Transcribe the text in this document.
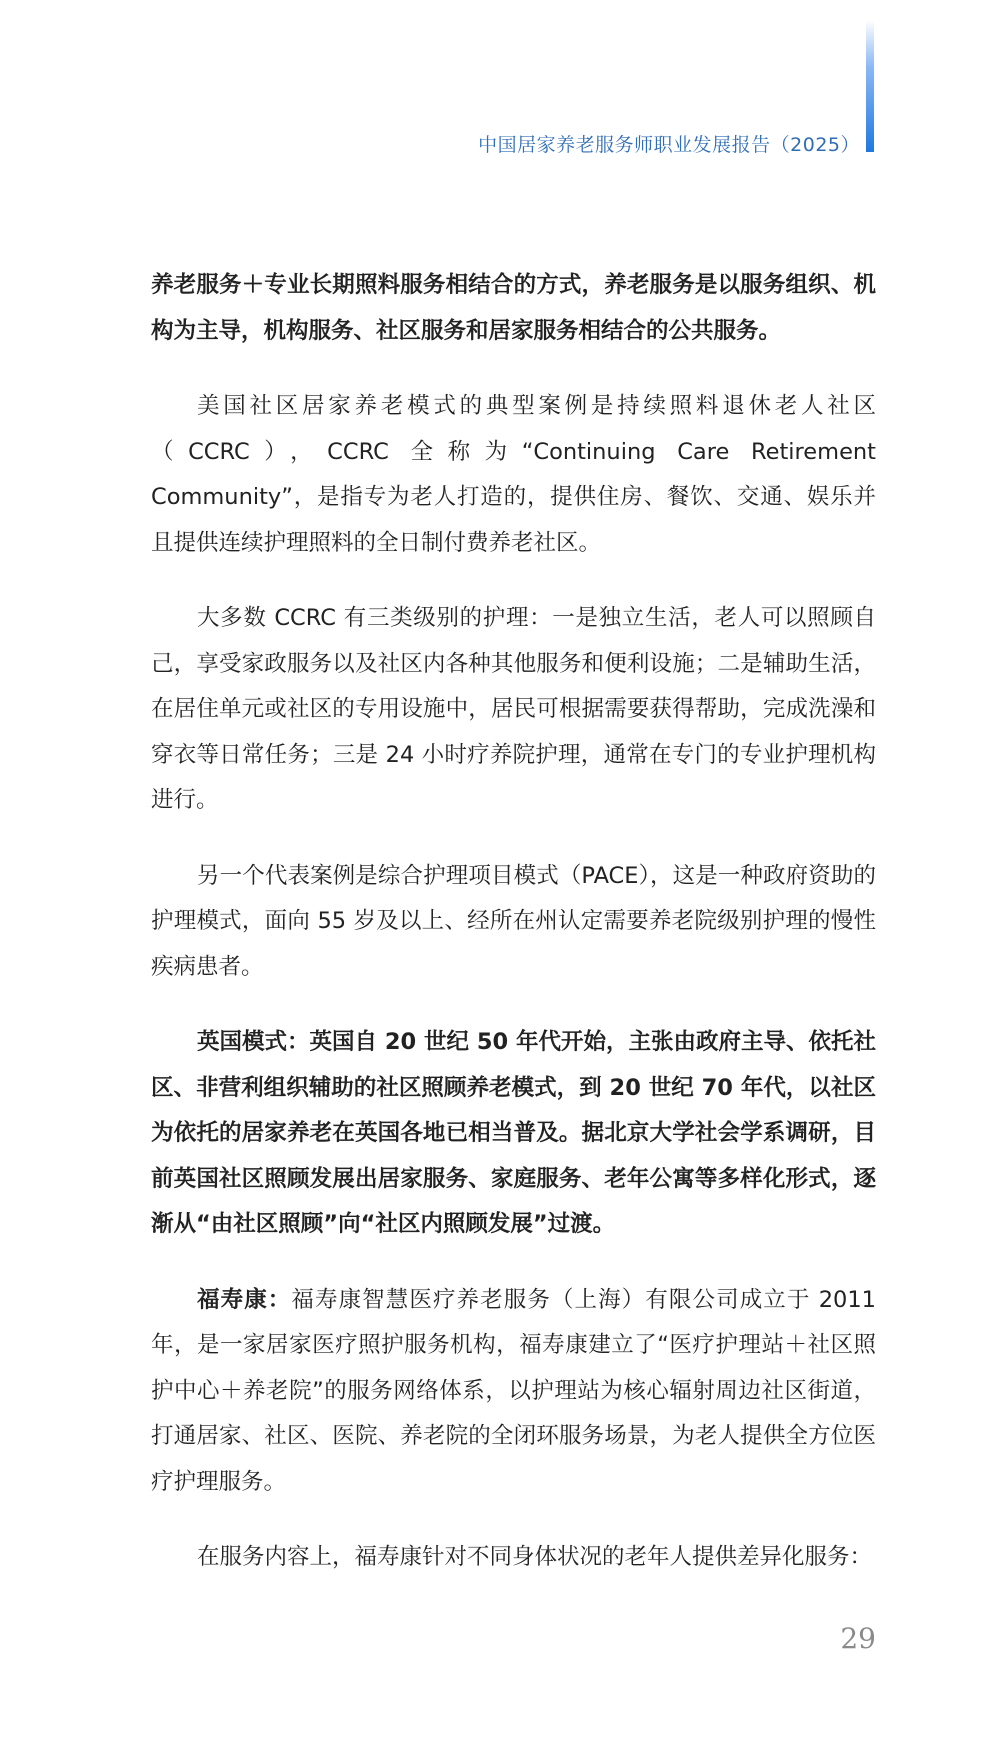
中国居家养老服务师职业发展报告（2025）

养老服务＋专业长期照料服务相结合的方式，养老服务是以服务组织、机构为主导，机构服务、社区服务和居家服务相结合的公共服务。

美国社区居家养老模式的典型案例是持续照料退休老人社区（CCRC），CCRC 全称为“Continuing Care Retirement Community”，是指专为老人打造的，提供住房、餐饮、交通、娱乐并且提供连续护理照料的全日制付费养老社区。

大多数 CCRC 有三类级别的护理：一是独立生活，老人可以照顾自己，享受家政服务以及社区内各种其他服务和便利设施；二是辅助生活，在居住单元或社区的专用设施中，居民可根据需要获得帮助，完成洗澡和穿衣等日常任务；三是 24 小时疗养院护理，通常在专门的专业护理机构进行。

另一个代表案例是综合护理项目模式（PACE），这是一种政府资助的护理模式，面向 55 岁及以上、经所在州认定需要养老院级别护理的慢性疾病患者。

英国模式：英国自 20 世纪 50 年代开始，主张由政府主导、依托社区、非营利组织辅助的社区照顾养老模式，到 20 世纪 70 年代，以社区为依托的居家养老在英国各地已相当普及。据北京大学社会学系调研，目前英国社区照顾发展出居家服务、家庭服务、老年公寓等多样化形式，逐渐从“由社区照顾”向“社区内照顾发展”过渡。

福寿康：福寿康智慧医疗养老服务（上海）有限公司成立于 2011 年，是一家居家医疗照护服务机构，福寿康建立了“医疗护理站＋社区照护中心＋养老院”的服务网络体系，以护理站为核心辐射周边社区街道，打通居家、社区、医院、养老院的全闭环服务场景，为老人提供全方位医疗护理服务。

在服务内容上，福寿康针对不同身体状况的老年人提供差异化服务：

29
